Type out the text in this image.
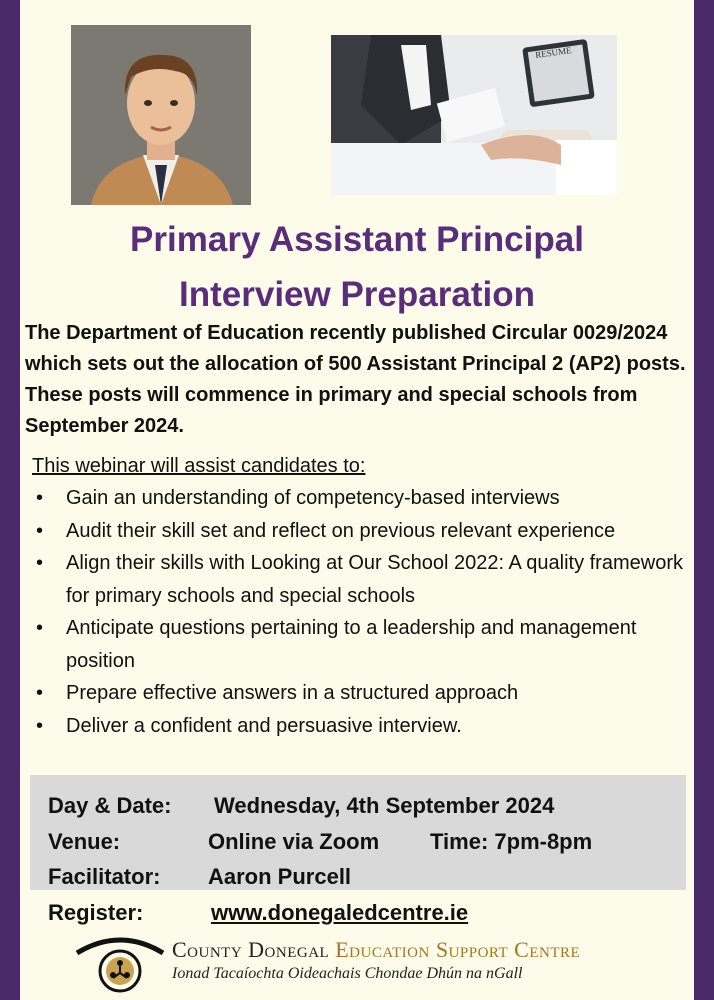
RESUME
Primary Assistant Principal
Interview Preparation

The Department of Education recently published Circular 0029/2024 which sets out the allocation of 500 Assistant Principal 2 (AP2) posts. These posts will commence in primary and special schools from September 2024.

This webinar will assist candidates to:
• Gain an understanding of competency-based interviews
• Audit their skill set and reflect on previous relevant experience
• Align their skills with Looking at Our School 2022: A quality framework for primary schools and special schools
• Anticipate questions pertaining to a leadership and management position
• Prepare effective answers in a structured approach
• Deliver a confident and persuasive interview.
Day & Date: Wednesday, 4th September 2024
Venue:	Online via Zoom Time: 7pm-8pm
Facilitator: Aaron Purcell
Register:	www.donegaledcentre.ie
County Donegal Education Support Centre
Ionad Tacaíochta Oideachais Chondae Dhún na nGall
